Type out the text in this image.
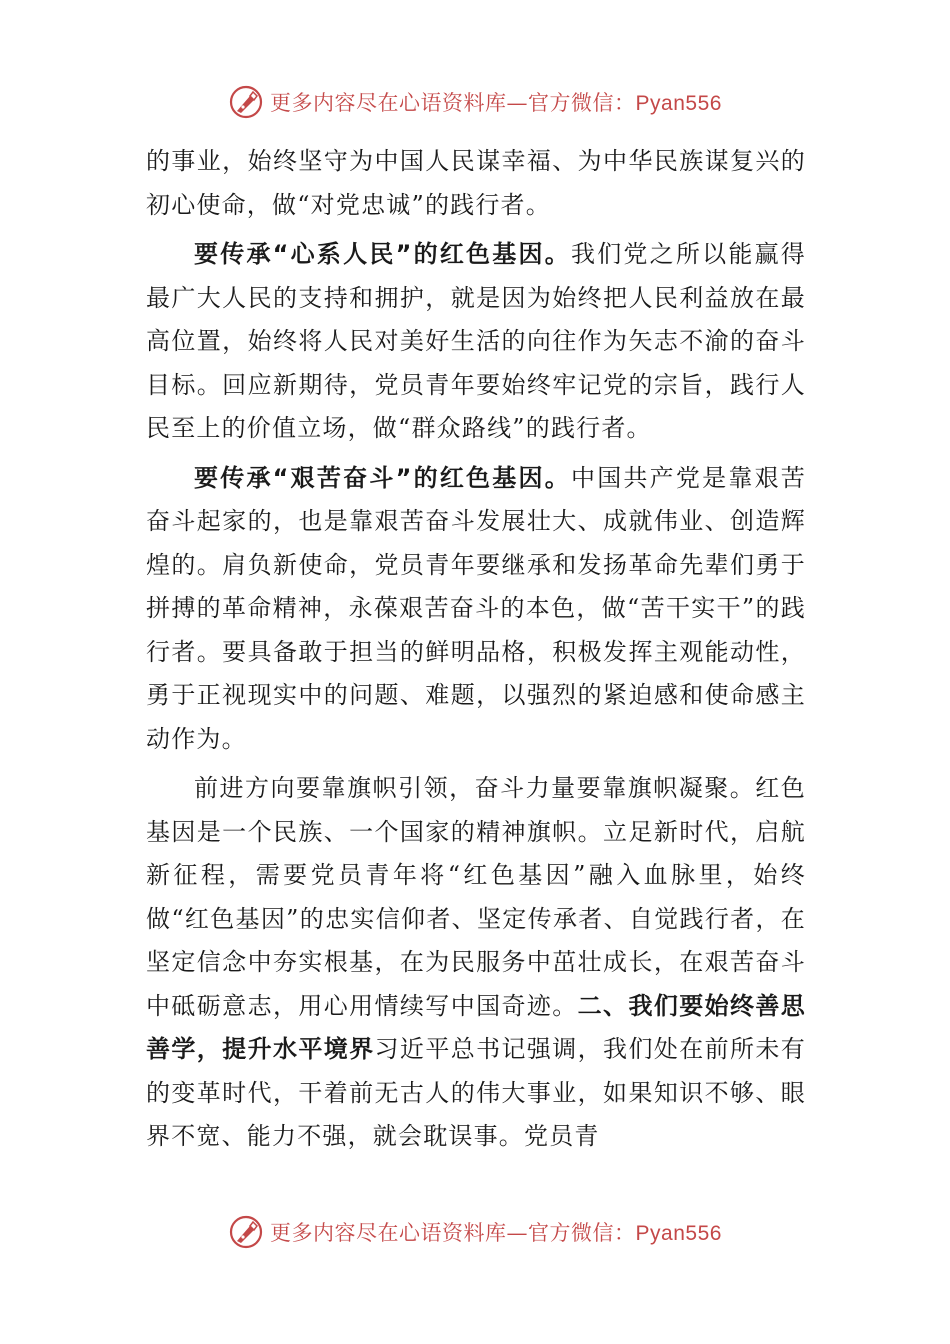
更多内容尽在心语资料库—官方微信：Pyan556

的事业，始终坚守为中国人民谋幸福、为中华民族谋复兴的初心使命，做“对党忠诚”的践行者。

要传承“心系人民”的红色基因。我们党之所以能赢得最广大人民的支持和拥护，就是因为始终把人民利益放在最高位置，始终将人民对美好生活的向往作为矢志不渝的奋斗目标。回应新期待，党员青年要始终牢记党的宗旨，践行人民至上的价值立场，做“群众路线”的践行者。

要传承“艰苦奋斗”的红色基因。中国共产党是靠艰苦奋斗起家的，也是靠艰苦奋斗发展壮大、成就伟业、创造辉煌的。肩负新使命，党员青年要继承和发扬革命先辈们勇于拼搏的革命精神，永葆艰苦奋斗的本色，做“苦干实干”的践行者。要具备敢于担当的鲜明品格，积极发挥主观能动性，勇于正视现实中的问题、难题，以强烈的紧迫感和使命感主动作为。

前进方向要靠旗帜引领，奋斗力量要靠旗帜凝聚。红色基因是一个民族、一个国家的精神旗帜。立足新时代，启航新征程，需要党员青年将“红色基因”融入血脉里，始终做“红色基因”的忠实信仰者、坚定传承者、自觉践行者，在坚定信念中夯实根基，在为民服务中茁壮成长，在艰苦奋斗中砥砺意志，用心用情续写中国奇迹。二、我们要始终善思善学，提升水平境界习近平总书记强调，我们处在前所未有的变革时代，干着前无古人的伟大事业，如果知识不够、眼界不宽、能力不强，就会耽误事。党员青

更多内容尽在心语资料库—官方微信：Pyan556
